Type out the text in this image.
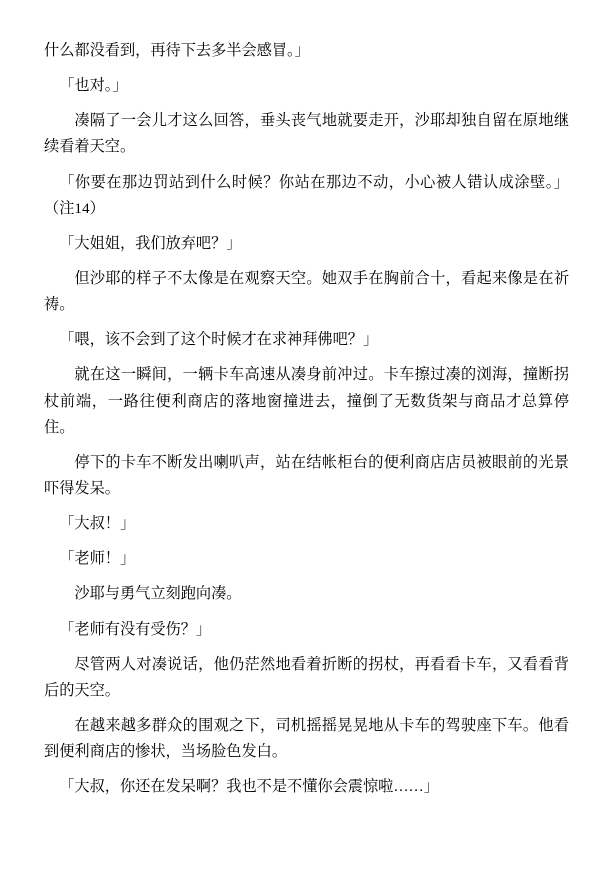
什么都没看到，再待下去多半会感冒。」

「也对。」

凑隔了一会儿才这么回答，垂头丧气地就要走开，沙耶却独自留在原地继续看着天空。

「你要在那边罚站到什么时候？你站在那边不动，小心被人错认成涂壁。」（注14）

「大姐姐，我们放弃吧？」

但沙耶的样子不太像是在观察天空。她双手在胸前合十，看起来像是在祈祷。

「喂，该不会到了这个时候才在求神拜佛吧？」

就在这一瞬间，一辆卡车高速从凑身前冲过。卡车擦过凑的浏海，撞断拐杖前端，一路往便利商店的落地窗撞进去，撞倒了无数货架与商品才总算停住。

停下的卡车不断发出喇叭声，站在结帐柜台的便利商店店员被眼前的光景吓得发呆。

「大叔！」

「老师！」

沙耶与勇气立刻跑向凑。

「老师有没有受伤？」

尽管两人对凑说话，他仍茫然地看着折断的拐杖，再看看卡车，又看看背后的天空。

在越来越多群众的围观之下，司机摇摇晃晃地从卡车的驾驶座下车。他看到便利商店的惨状，当场脸色发白。

「大叔，你还在发呆啊？我也不是不懂你会震惊啦……」
